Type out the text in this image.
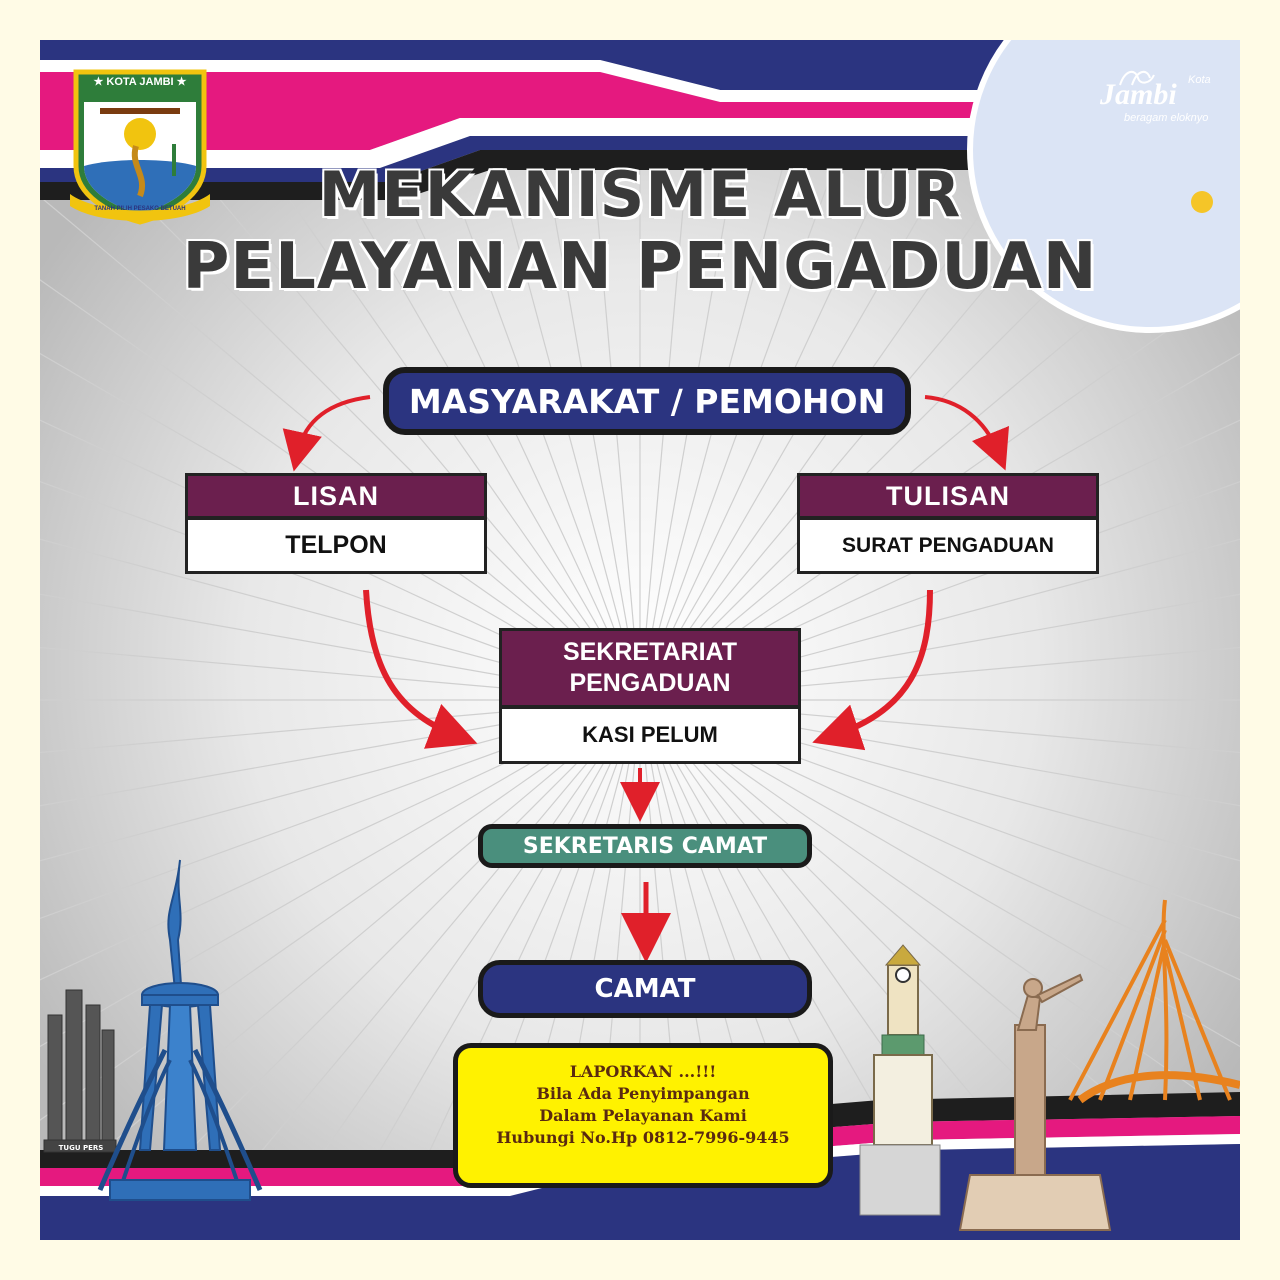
★ KOTA JAMBI ★
TANAH PILIH PESAKO BETUAH
Kota
Jambi
beragam eloknyo
MEKANISME ALUR
PELAYANAN PENGADUAN
MASYARAKAT / PEMOHON
LISAN
TELPON
TULISAN
SURAT PENGADUAN
SEKRETARIAT
PENGADUAN
KASI PELUM
SEKRETARIS CAMAT
CAMAT
LAPORKAN ...!!!
Bila Ada Penyimpangan
Dalam Pelayanan Kami
Hubungi No.Hp 0812-7996-9445
TUGU PERS
